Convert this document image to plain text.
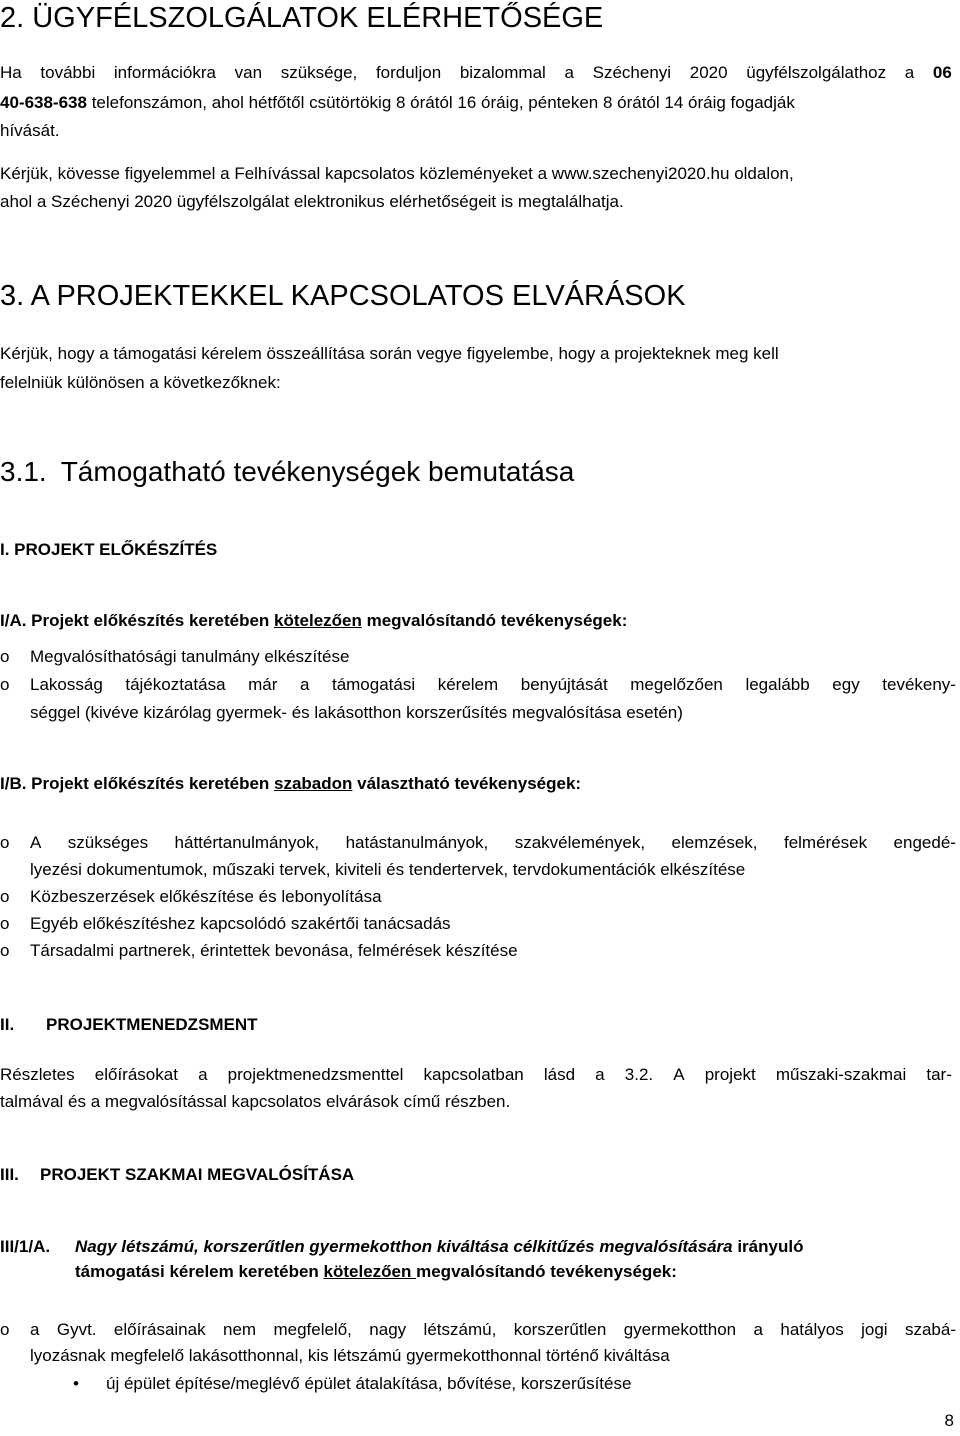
2. ÜGYFÉLSZOLGÁLATOK ELÉRHETŐSÉGE
Ha további információkra van szüksége, forduljon bizalommal a Széchenyi 2020 ügyfélszolgálathoz a 06
40-638-638 telefonszámon, ahol hétfőtől csütörtökig 8 órától 16 óráig, pénteken 8 órától 14 óráig fogadják
hívását.
Kérjük, kövesse figyelemmel a Felhívással kapcsolatos közleményeket a www.szechenyi2020.hu oldalon,
ahol a Széchenyi 2020 ügyfélszolgálat elektronikus elérhetőségeit is megtalálhatja.
3. A PROJEKTEKKEL KAPCSOLATOS ELVÁRÁSOK
Kérjük, hogy a támogatási kérelem összeállítása során vegye figyelembe, hogy a projekteknek meg kell
felelniük különösen a következőknek:
3.1. Támogatható tevékenységek bemutatása
I. PROJEKT ELŐKÉSZÍTÉS
I/A. Projekt előkészítés keretében kötelezően megvalósítandó tevékenységek:
o Megvalósíthatósági tanulmány elkészítése
o	Lakosság tájékoztatása már a támogatási kérelem benyújtását megelőzően legalább egy tevékeny-
séggel (kivéve kizárólag gyermek- és lakásotthon korszerűsítés megvalósítása esetén)
I/B. Projekt előkészítés keretében szabadon választható tevékenységek:
o	A szükséges háttértanulmányok, hatástanulmányok, szakvélemények, elemzések, felmérések engedé-
lyezési dokumentumok, műszaki tervek, kiviteli és tendertervek, tervdokumentációk elkészítése
o Közbeszerzések előkészítése és lebonyolítása
o Egyéb előkészítéshez kapcsolódó szakértői tanácsadás
o Társadalmi partnerek, érintettek bevonása, felmérések készítése
II. PROJEKTMENEDZSMENT
Részletes előírásokat a projektmenedzsmenttel kapcsolatban lásd a 3.2. A projekt műszaki-szakmai tar-
talmával és a megvalósítással kapcsolatos elvárások című részben.
III. PROJEKT SZAKMAI MEGVALÓSÍTÁSA
III/1/A. Nagy létszámú, korszerűtlen gyermekotthon kiváltása célkitűzés megvalósítására irányuló
támogatási kérelem keretében kötelezően megvalósítandó tevékenységek:
o	a Gyvt. előírásainak nem megfelelő, nagy létszámú, korszerűtlen gyermekotthon a hatályos jogi szabá-
lyozásnak megfelelő lakásotthonnal, kis létszámú gyermekotthonnal történő kiváltása
• új épület építése/meglévő épület átalakítása, bővítése, korszerűsítése
8
